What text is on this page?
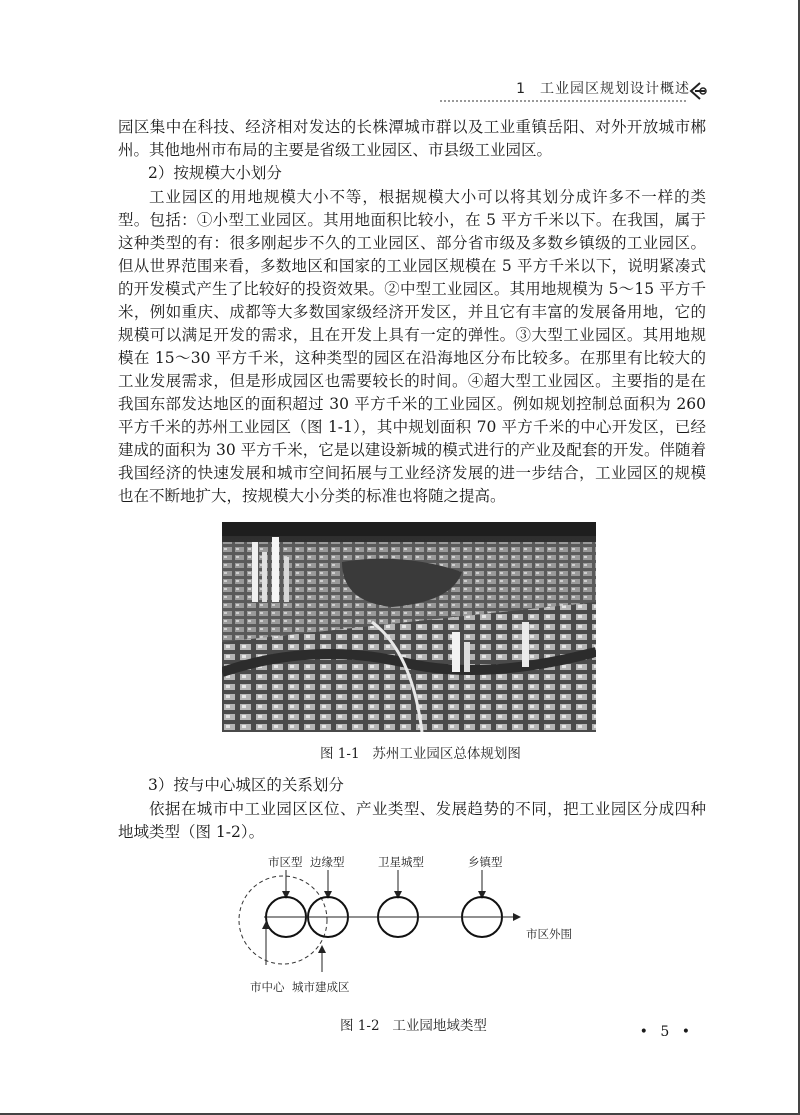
1 工业园区规划设计概述

园区集中在科技、经济相对发达的长株潭城市群以及工业重镇岳阳、对外开放城市郴州。其他地州市布局的主要是省级工业园区、市县级工业园区。

2）按规模大小划分

工业园区的用地规模大小不等，根据规模大小可以将其划分成许多不一样的类型。包括：①小型工业园区。其用地面积比较小，在 5 平方千米以下。在我国，属于这种类型的有：很多刚起步不久的工业园区、部分省市级及多数乡镇级的工业园区。但从世界范围来看，多数地区和国家的工业园区规模在 5 平方千米以下，说明紧凑式的开发模式产生了比较好的投资效果。②中型工业园区。其用地规模为 5～15 平方千米，例如重庆、成都等大多数国家级经济开发区，并且它有丰富的发展备用地，它的规模可以满足开发的需求，且在开发上具有一定的弹性。③大型工业园区。其用地规模在 15～30 平方千米，这种类型的园区在沿海地区分布比较多。在那里有比较大的工业发展需求，但是形成园区也需要较长的时间。④超大型工业园区。主要指的是在我国东部发达地区的面积超过 30 平方千米的工业园区。例如规划控制总面积为 260 平方千米的苏州工业园区（图 1-1），其中规划面积 70 平方千米的中心开发区，已经建成的面积为 30 平方千米，它是以建设新城的模式进行的产业及配套的开发。伴随着我国经济的快速发展和城市空间拓展与工业经济发展的进一步结合，工业园区的规模也在不断地扩大，按规模大小分类的标准也将随之提高。

图 1-1 苏州工业园区总体规划图
3）按与中心城区的关系划分

依据在城市中工业园区区位、产业类型、发展趋势的不同，把工业园区分成四种地域类型（图 1-2）。

市区型 边缘型	卫星城型	乡镇型
市区外围
市中心 城市建成区
图 1-2 工业园地域类型	• 5 •
